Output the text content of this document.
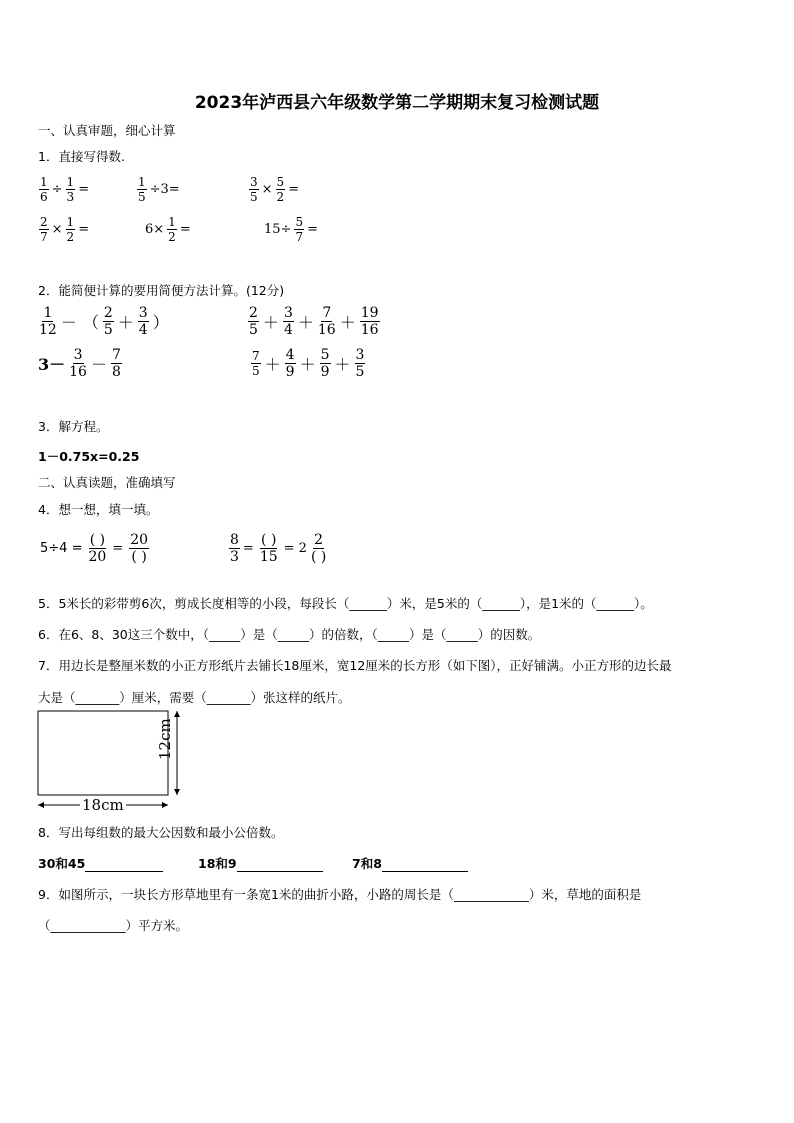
2023年泸西县六年级数学第二学期期末复习检测试题
一、认真审题，细心计算
1．直接写得数.
$\frac{1}{6} \div \frac{1}{3}$ =	$\frac{1}{5} \div 3=$	$\frac{3}{5} \times \frac{5}{2}$ =
$\frac{2}{7} \times \frac{1}{2}$ =	$6\times \frac{1}{2}$ =	$15\div \frac{5}{7}$ =
2．能简便计算的要用简便方法计算。(12分)
$\frac{1}{12}$ － （ $\frac{2}{5} + \frac{3}{4}$ ）	$\frac{2}{5} + \frac{3}{4} + \frac{7}{16} + \frac{19}{16}$
$3- \frac{3}{16} - \frac{7}{8}$	$\frac{7}{5} + \frac{4}{9} + \frac{5}{9} + \frac{3}{5}$
3．解方程。
1－0.75x=0.25
二、认真读题，准确填写
4．想一想，填一填。
$5\div 4 = \frac{( )}{20} = \frac{20}{( )}$	$\frac{8}{3} = \frac{( )}{15} = 2 \frac{2}{( )}$
5．5米长的彩带剪6次，剪成长度相等的小段，每段长（______）米，是5米的（______），是1米的（______）。
6．在6、8、30这三个数中，（_____）是（_____）的倍数，（_____）是（_____）的因数。
7．用边长是整厘米数的小正方形纸片去铺长18厘米，宽12厘米的长方形（如下图），正好铺满。小正方形的边长最
大是（_______）厘米，需要（_______）张这样的纸片。
18cm
12cm
8．写出每组数的最大公因数和最小公倍数。
30和45	18和9	7和8
9．如图所示，一块长方形草地里有一条宽1米的曲折小路，小路的周长是（____________）米，草地的面积是
（____________）平方米。
